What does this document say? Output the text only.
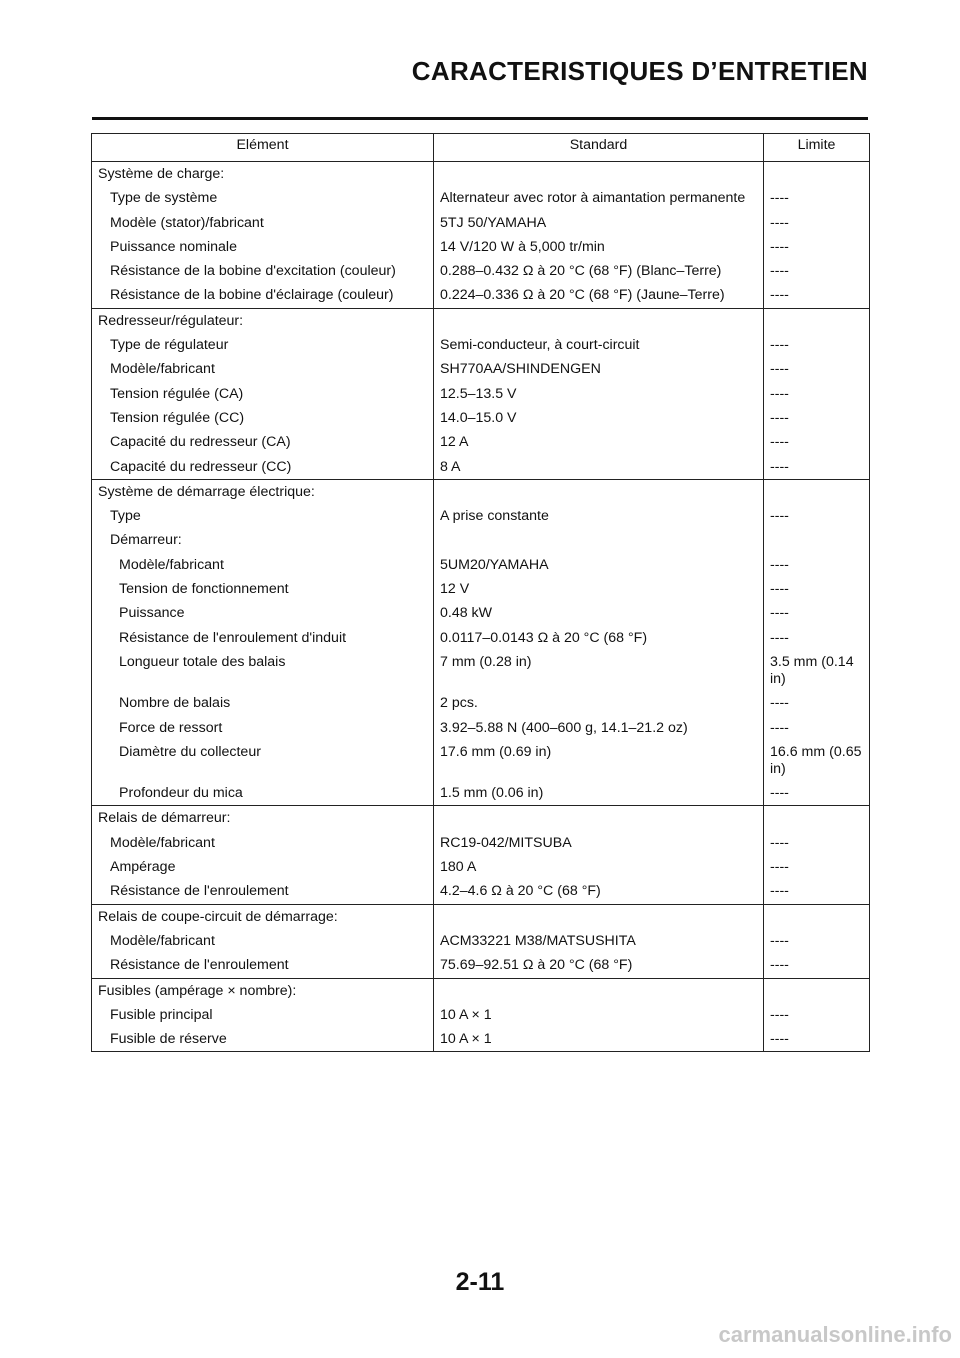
CARACTERISTIQUES D’ENTRETIEN
Elément	Standard	Limite
Système de charge:		
Type de système	Alternateur avec rotor à aimantation permanente	----
Modèle (stator)/fabricant	5TJ 50/YAMAHA	----
Puissance nominale	14 V/120 W à 5,000 tr/min	----
Résistance de la bobine d'excitation (couleur)	0.288–0.432 Ω à 20 °C (68 °F) (Blanc–Terre)	----
Résistance de la bobine d'éclairage (couleur)	0.224–0.336 Ω à 20 °C (68 °F) (Jaune–Terre)	----
Redresseur/régulateur:		
Type de régulateur	Semi-conducteur, à court-circuit	----
Modèle/fabricant	SH770AA/SHINDENGEN	----
Tension régulée (CA)	12.5–13.5 V	----
Tension régulée (CC)	14.0–15.0 V	----
Capacité du redresseur (CA)	12 A	----
Capacité du redresseur (CC)	8 A	----
Système de démarrage électrique:		
Type	A prise constante	----
Démarreur:		
Modèle/fabricant	5UM20/YAMAHA	----
Tension de fonctionnement	12 V	----
Puissance	0.48 kW	----
Résistance de l'enroulement d'induit	0.0117–0.0143 Ω à 20 °C (68 °F)	----
Longueur totale des balais	7 mm (0.28 in)	3.5 mm (0.14 in)
Nombre de balais	2 pcs.	----
Force de ressort	3.92–5.88 N (400–600 g, 14.1–21.2 oz)	----
Diamètre du collecteur	17.6 mm (0.69 in)	16.6 mm (0.65 in)
Profondeur du mica	1.5 mm (0.06 in)	----
Relais de démarreur:		
Modèle/fabricant	RC19-042/MITSUBA	----
Ampérage	180 A	----
Résistance de l'enroulement	4.2–4.6 Ω à 20 °C (68 °F)	----
Relais de coupe-circuit de démarrage:		
Modèle/fabricant	ACM33221 M38/MATSUSHITA	----
Résistance de l'enroulement	75.69–92.51 Ω à 20 °C (68 °F)	----
Fusibles (ampérage × nombre):		
Fusible principal	10 A × 1	----
Fusible de réserve	10 A × 1	----
2-11
carmanualsonline.info
